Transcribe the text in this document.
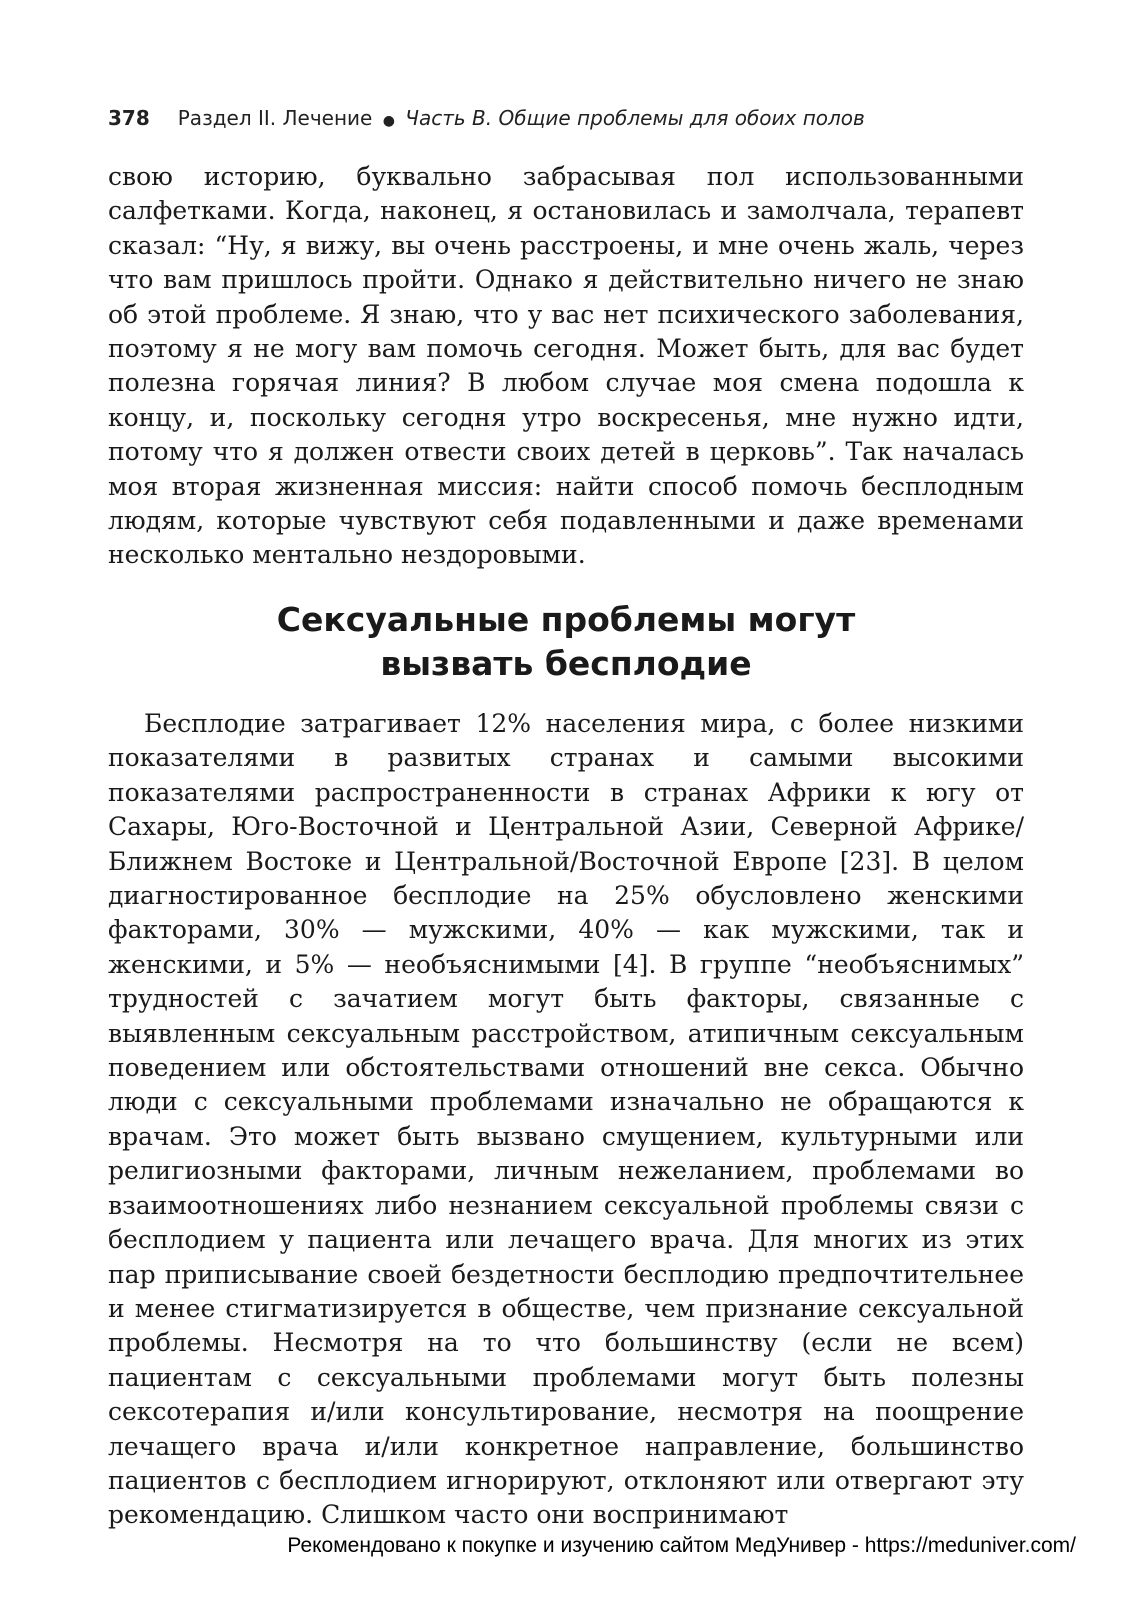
378 Раздел II. Лечение ● Часть В. Общие проблемы для обоих полов

свою историю, буквально забрасывая пол использованными салфетками. Когда, наконец, я остановилась и замолчала, терапевт сказал: “Ну, я вижу, вы очень расстроены, и мне очень жаль, через что вам пришлось пройти. Однако я действительно ничего не знаю об этой проблеме. Я знаю, что у вас нет психического заболевания, поэтому я не могу вам помочь сегодня. Может быть, для вас будет полезна горячая линия? В любом случае моя смена подошла к концу, и, поскольку сегодня утро воскресенья, мне нужно идти, потому что я должен отвести своих детей в церковь”. Так началась моя вторая жизненная миссия: найти способ помочь бесплодным людям, которые чувствуют себя подавленными и даже временами несколько ментально нездоровыми.

Сексуальные проблемы могут
вызвать бесплодие

Бесплодие затрагивает 12% населения мира, с более низкими показателями в развитых странах и самыми высокими показателями распространенности в странах Африки к югу от Сахары, Юго-Восточной и Центральной Азии, Северной Африке/Ближнем Востоке и Центральной/Восточной Европе [23]. В целом диагностированное бесплодие на 25% обусловлено женскими факторами, 30% — мужскими, 40% — как мужскими, так и женскими, и 5% — необъяснимыми [4]. В группе “необъяснимых” трудностей с зачатием могут быть факторы, связанные с выявленным сексуальным расстройством, атипичным сексуальным поведением или обстоятельствами отношений вне секса. Обычно люди с сексуальными проблемами изначально не обращаются к врачам. Это может быть вызвано смущением, культурными или религиозными факторами, личным нежеланием, проблемами во взаимоотношениях либо незнанием сексуальной проблемы связи с бесплодием у пациента или лечащего врача. Для многих из этих пар приписывание своей бездетности бесплодию предпочтительнее и менее стигматизируется в обществе, чем признание сексуальной проблемы. Несмотря на то что большинству (если не всем) пациентам с сексуальными проблемами могут быть полезны сексотерапия и/или консультирование, несмотря на поощрение лечащего врача и/или конкретное направление, большинство пациентов с бесплодием игнорируют, отклоняют или отвергают эту рекомендацию. Слишком часто они воспринимают

Рекомендовано к покупке и изучению сайтом МедУнивер - https://meduniver.com/
